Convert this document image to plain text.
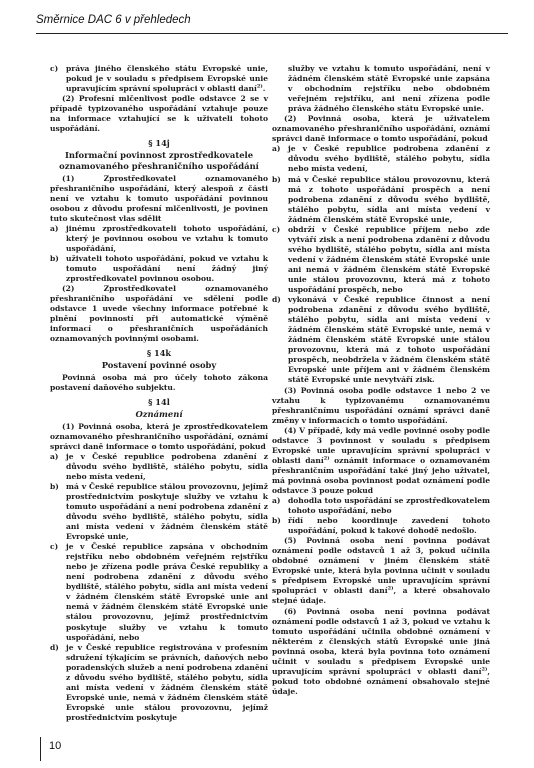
Směrnice DAC 6 v přehledech
c)	práva jiného členského státu Evropské unie, pokud je v souladu s předpisem Evropské unie upravujícím správní spolupráci v oblasti daní$^{2)}$.

(2) Profesní mlčenlivost podle odstavce 2 se v případě typizovaného uspořádání vztahuje pouze na informace vztahující se k uživateli tohoto uspořádání.

§ 14j
Informační povinnost zprostředkovatele oznamovaného přeshraničního uspořádání

(1) Zprostředkovatel oznamovaného přeshraničního uspořádání, který alespoň z části není ve vztahu k tomuto uspořádání povinnou osobou z důvodu profesní mlčenlivosti, je povinen tuto skutečnost vlas sdělit

a) jinému zprostředkovateli tohoto uspořádání, který je povinnou osobou ve vztahu k tomuto uspořádání,
b) uživateli tohoto uspořádání, pokud ve vztahu k tomuto uspořádání není žádný jiný zprostředkovatel povinnou osobou.

(2) Zprostředkovatel oznamovaného přeshraničního uspořádání ve sdělení podle odstavce 1 uvede všechny informace potřebné k plnění povinností při automatické výměně informací o přeshraničních uspořádáních oznamovaných povinnými osobami.

§ 14k
Postavení povinné osoby

Povinná osoba má pro účely tohoto zákona postavení daňového subjektu.

§ 14l
Oznámení

(1) Povinná osoba, která je zprostředkovatelem oznamovaného přeshraničního uspořádání, oznámí správci daně informace o tomto uspořádání, pokud

a) je v České republice podrobena zdanění z důvodu svého bydliště, stálého pobytu, sídla nebo místa vedení,
b) má v České republice stálou provozovnu, jejímž prostřednictvím poskytuje služby ve vztahu k tomuto uspořádání a není podrobena zdanění z důvodu svého bydliště, stálého pobytu, sídla ani místa vedení v žádném členském státě Evropské unie,
c)	je v České republice zapsána v obchodním rejstříku nebo obdobném veřejném rejstříku nebo je zřízena podle práva České republiky a není podrobena zdanění z důvodu svého bydliště, stálého pobytu, sídla ani místa vedení v žádném členském státě Evropské unie ani nemá v žádném členském státě Evropské unie stálou provozovnu, jejímž prostřednictvím poskytuje služby ve vztahu k tomuto uspořádání, nebo
d) je v České republice registrována v profesním sdružení týkajícím se právních, daňových nebo poradenských služeb a není podrobena zdanění z důvodu svého bydliště, stálého pobytu, sídla ani místa vedení v žádném členském státě Evropské unie, nemá v žádném členském státě Evropské unie stálou provozovnu, jejímž prostřednictvím poskytuje

služby ve vztahu k tomuto uspořádání, není v žádném členském státě Evropské unie zapsána v obchodním rejstříku nebo obdobném veřejném rejstříku, ani není zřízena podle práva žádného členského státu Evropské unie.

(2) Povinná osoba, která je uživatelem oznamovaného přeshraničního uspořádání, oznámí správci daně informace o tomto uspořádání, pokud

a) je v České republice podrobena zdanění z důvodu svého bydliště, stálého pobytu, sídla nebo místa vedení,
b) má v České republice stálou provozovnu, která má z tohoto uspořádání prospěch a není podrobena zdanění z důvodu svého bydliště, stálého pobytu, sídla ani místa vedení v žádném členském státě Evropské unie,
c)	obdrží v České republice příjem nebo zde vytváří zisk a není podrobena zdanění z důvodu svého bydliště, stálého pobytu, sídla ani místa vedení v žádném členském státě Evropské unie ani nemá v žádném členském státě Evropské unie stálou provozovnu, která má z tohoto uspořádání prospěch, nebo
d) vykonává v České republice činnost a není podrobena zdanění z důvodu svého bydliště, stálého pobytu, sídla ani místa vedení v žádném členském státě Evropské unie, nemá v žádném členském státě Evropské unie stálou provozovnu, která má z tohoto uspořádání prospěch, neobdržela v žádném členském státě Evropské unie příjem ani v žádném členském státě Evropské unie nevytváří zisk.

(3) Povinná osoba podle odstavce 1 nebo 2 ve vztahu k typizovanému oznamovanému přeshraničnímu uspořádání oznámí správci daně změny v informacích o tomto uspořádání.

(4) V případě, kdy má vedle povinné osoby podle odstavce 3 povinnost v souladu s předpisem Evropské unie upravujícím správní spolupráci v oblasti daní$^{2)}$ oznámit informace o oznamovaném přeshraničním uspořádání také jiný jeho uživatel, má povinná osoba povinnost podat oznámení podle odstavce 3 pouze pokud

a) dohodla toto uspořádání se zprostředkovatelem tohoto uspořádání, nebo
b) řídí nebo koordinuje zavedení tohoto uspořádání, pokud k takové dohodě nedošlo.

(5) Povinná osoba není povinna podávat oznámení podle odstavců 1 až 3, pokud učinila obdobné oznámení v jiném členském státě Evropské unie, která byla povinna učinit v souladu s předpisem Evropské unie upravujícím správní spolupráci v oblasti daní$^{2)}$, a které obsahovalo stejné údaje.

(6) Povinná osoba není povinna podávat oznámení podle odstavců 1 až 3, pokud ve vztahu k tomuto uspořádání učinila obdobné oznámení v některém z členských států Evropské unie jiná povinná osoba, která byla povinna toto oznámení učinit v souladu s předpisem Evropské unie upravujícím správní spolupráci v oblasti daní$^{2)}$, pokud toto obdobné oznámení obsahovalo stejné údaje.

10
